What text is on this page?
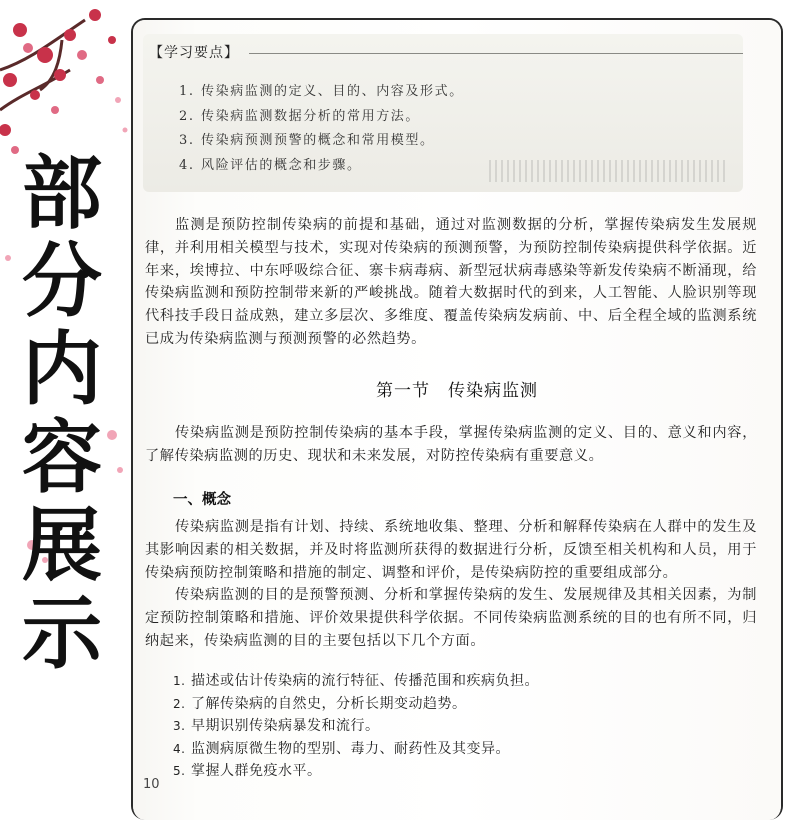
部
分
内
容
展
示
【学习要点】
1. 传染病监测的定义、目的、内容及形式。
2. 传染病监测数据分析的常用方法。
3. 传染病预测预警的概念和常用模型。
4. 风险评估的概念和步骤。

监测是预防控制传染病的前提和基础，通过对监测数据的分析，掌握传染病发生发展规律，并利用相关模型与技术，实现对传染病的预测预警，为预防控制传染病提供科学依据。近年来，埃博拉、中东呼吸综合征、寨卡病毒病、新型冠状病毒感染等新发传染病不断涌现，给传染病监测和预防控制带来新的严峻挑战。随着大数据时代的到来，人工智能、人脸识别等现代科技手段日益成熟，建立多层次、多维度、覆盖传染病发病前、中、后全程全域的监测系统已成为传染病监测与预测预警的必然趋势。

第一节　传染病监测

传染病监测是预防控制传染病的基本手段，掌握传染病监测的定义、目的、意义和内容，了解传染病监测的历史、现状和未来发展，对防控传染病有重要意义。

一、概念

传染病监测是指有计划、持续、系统地收集、整理、分析和解释传染病在人群中的发生及其影响因素的相关数据，并及时将监测所获得的数据进行分析，反馈至相关机构和人员，用于传染病预防控制策略和措施的制定、调整和评价，是传染病防控的重要组成部分。

传染病监测的目的是预警预测、分析和掌握传染病的发生、发展规律及其相关因素，为制定预防控制策略和措施、评价效果提供科学依据。不同传染病监测系统的目的也有所不同，归纳起来，传染病监测的目的主要包括以下几个方面。

1. 描述或估计传染病的流行特征、传播范围和疾病负担。
2. 了解传染病的自然史，分析长期变动趋势。
3. 早期识别传染病暴发和流行。
4. 监测病原微生物的型别、毒力、耐药性及其变异。
5. 掌握人群免疫水平。
10
